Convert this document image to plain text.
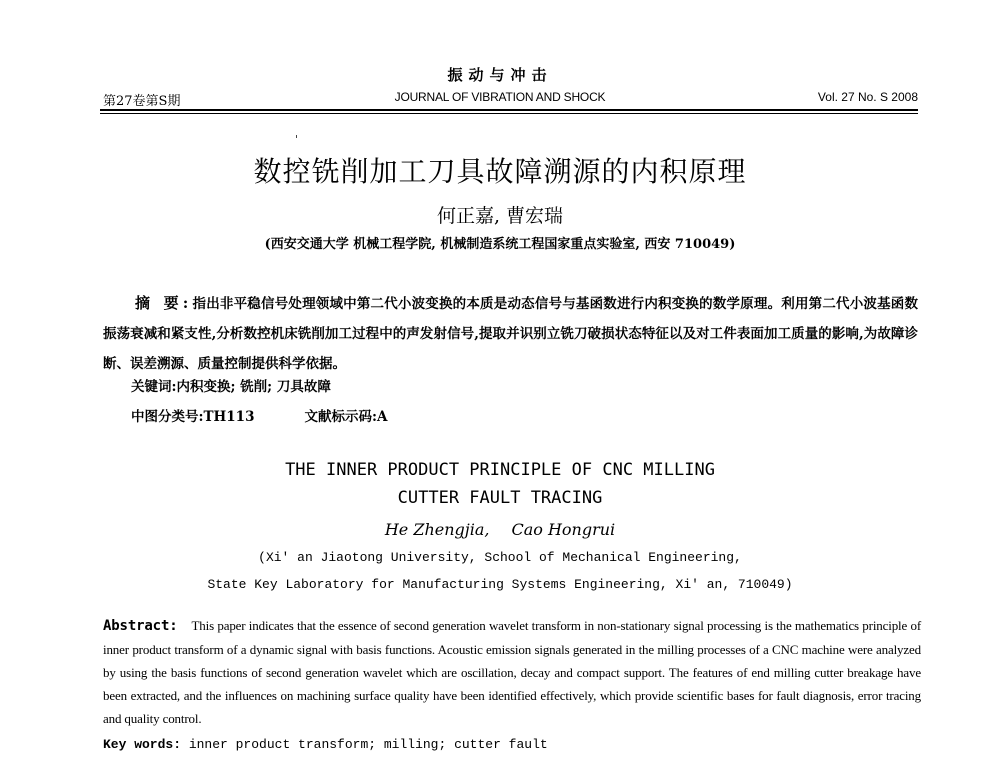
振动与冲击
第27卷第S期	JOURNAL OF VIBRATION AND SHOCK	Vol. 27 No. S 2008
数控铣削加工刀具故障溯源的内积原理
何正嘉, 曹宏瑞
(西安交通大学 机械工程学院, 机械制造系统工程国家重点实验室, 西安 710049)

摘 要:指出非平稳信号处理领域中第二代小波变换的本质是动态信号与基函数进行内积变换的数学原理。利用第二代小波基函数振荡衰减和紧支性,分析数控机床铣削加工过程中的声发射信号,提取并识别立铣刀破损状态特征以及对工件表面加工质量的影响,为故障诊断、误差溯源、质量控制提供科学依据。

关键词:内积变换; 铣削; 刀具故障
中图分类号:TH113	文献标示码:A
THE INNER PRODUCT PRINCIPLE OF CNC MILLING
CUTTER FAULT TRACING
He Zhengjia, Cao Hongrui
(Xi' an Jiaotong University, School of Mechanical Engineering,
State Key Laboratory for Manufacturing Systems Engineering, Xi' an, 710049)
Abstract: This paper indicates that the essence of second generation wavelet transform in non-stationary signal processing is the mathematics principle of inner product transform of a dynamic signal with basis functions. Acoustic emission signals generated in the milling processes of a CNC machine were analyzed by using the basis functions of second generation wavelet which are oscillation, decay and compact support. The features of end milling cutter breakage have been extracted, and the influences on machining surface quality have been identified effectively, which provide scientific bases for fault diagnosis, error tracing and quality control.
Key words: inner product transform; milling; cutter fault
